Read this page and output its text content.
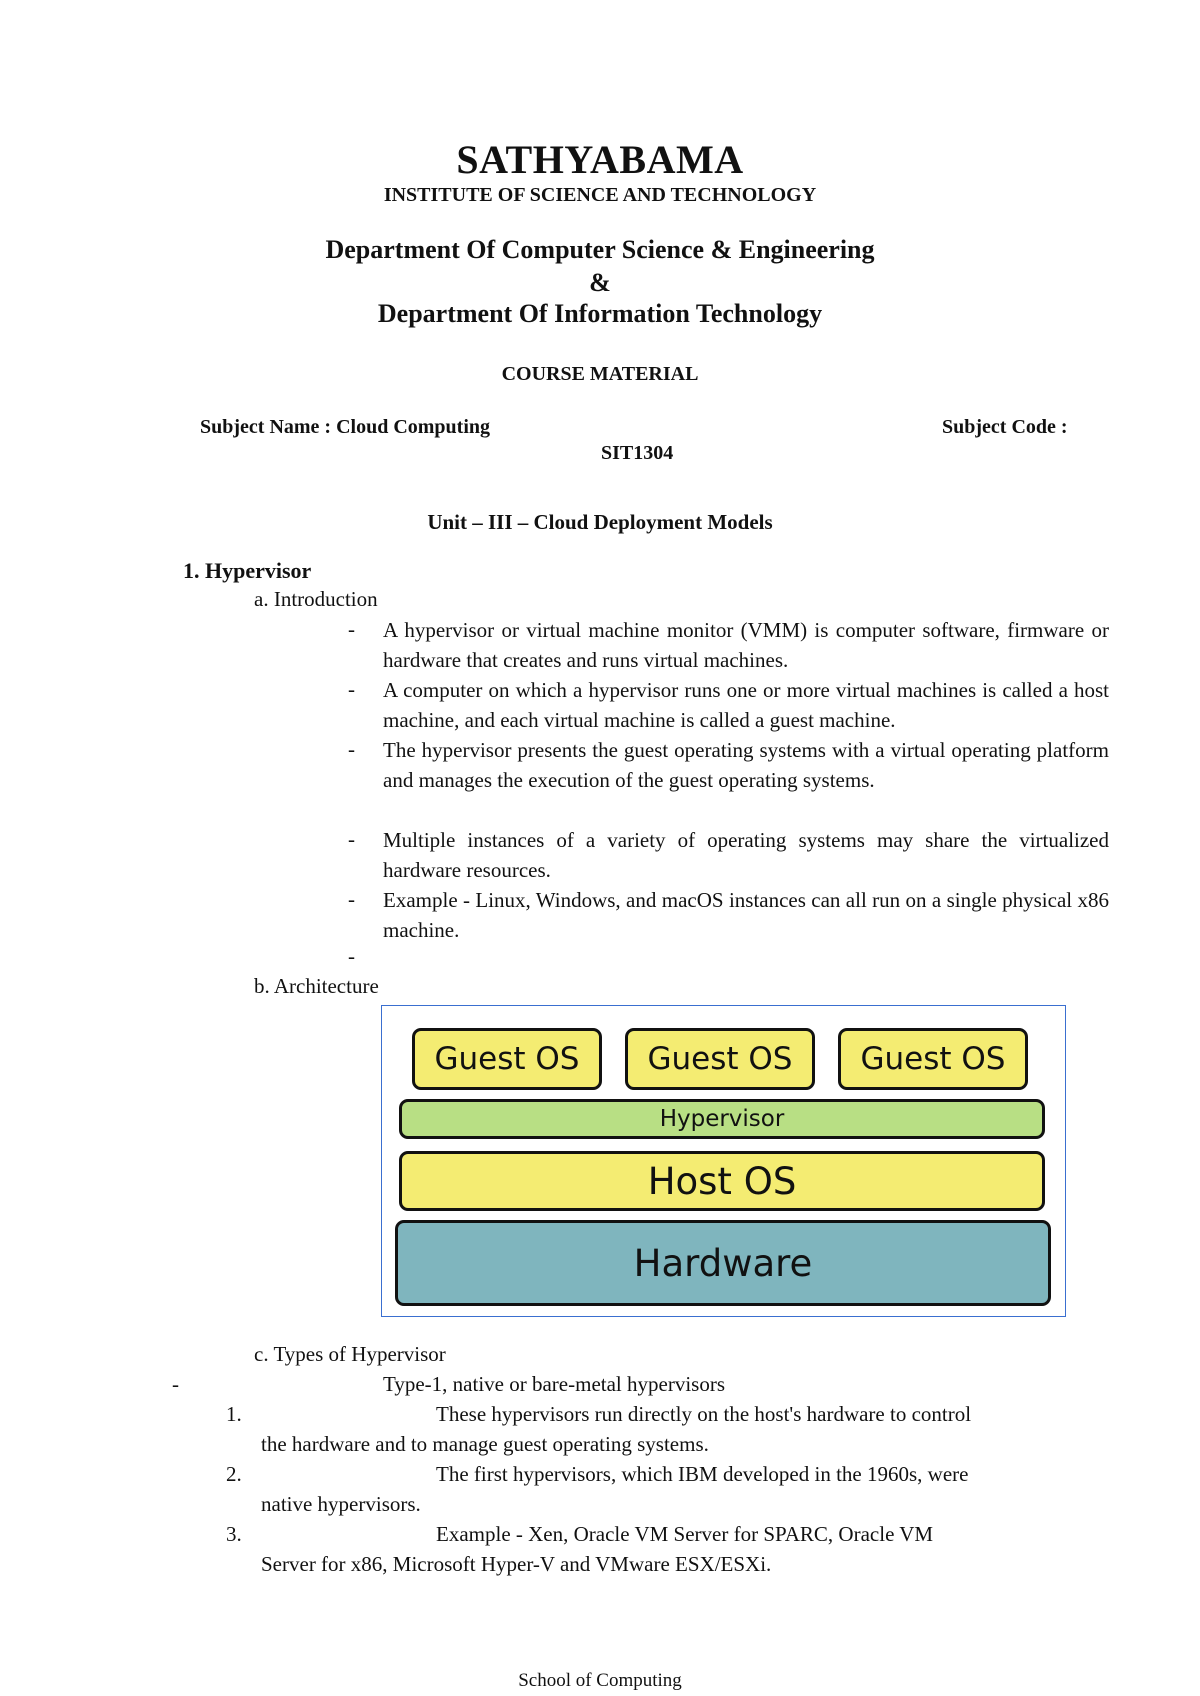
SATHYABAMA
INSTITUTE OF SCIENCE AND TECHNOLOGY
Department Of Computer Science & Engineering
&
Department Of Information Technology
COURSE MATERIAL
Subject Name : Cloud Computing	Subject Code :
SIT1304
Unit – III – Cloud Deployment Models
1. Hypervisor
a. Introduction
- A hypervisor or virtual machine monitor (VMM) is computer software, firmware or hardware that creates and runs virtual machines.
- A computer on which a hypervisor runs one or more virtual machines is called a host machine, and each virtual machine is called a guest machine.
- The hypervisor presents the guest operating systems with a virtual operating platform and manages the execution of the guest operating systems.
- Multiple instances of a variety of operating systems may share the virtualized hardware resources.
- Example - Linux, Windows, and macOS instances can all run on a single physical x86 machine.
-
b. Architecture
Guest OS	Guest OS	Guest OS
Hypervisor
Host OS
Hardware
c. Types of Hypervisor
-	Type-1, native or bare-metal hypervisors
1.	These hypervisors run directly on the host's hardware to control
the hardware and to manage guest operating systems.
2.	The first hypervisors, which IBM developed in the 1960s, were
native hypervisors.
3.	Example - Xen, Oracle VM Server for SPARC, Oracle VM
Server for x86, Microsoft Hyper-V and VMware ESX/ESXi.
School of Computing
